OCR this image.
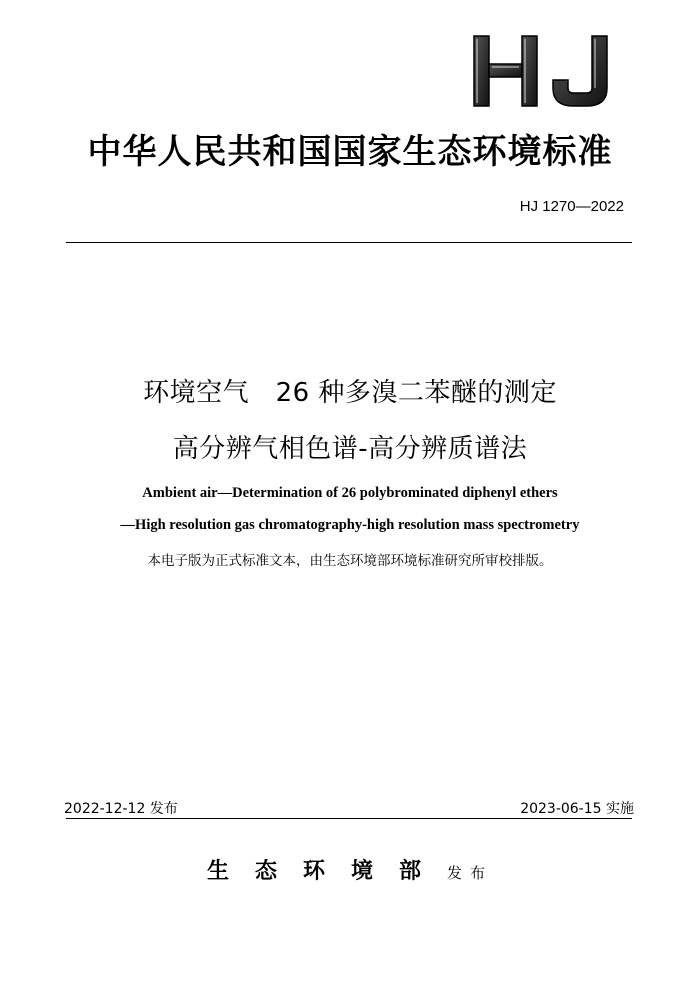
中华人民共和国国家生态环境标准
HJ 1270—2022
环境空气　26 种多溴二苯醚的测定
高分辨气相色谱-高分辨质谱法
Ambient air—Determination of 26 polybrominated diphenyl ethers
—High resolution gas chromatography-high resolution mass spectrometry
本电子版为正式标准文本，由生态环境部环境标准研究所审校排版。
2022-12-12 发布	2023-06-15 实施
生态环境部发布
